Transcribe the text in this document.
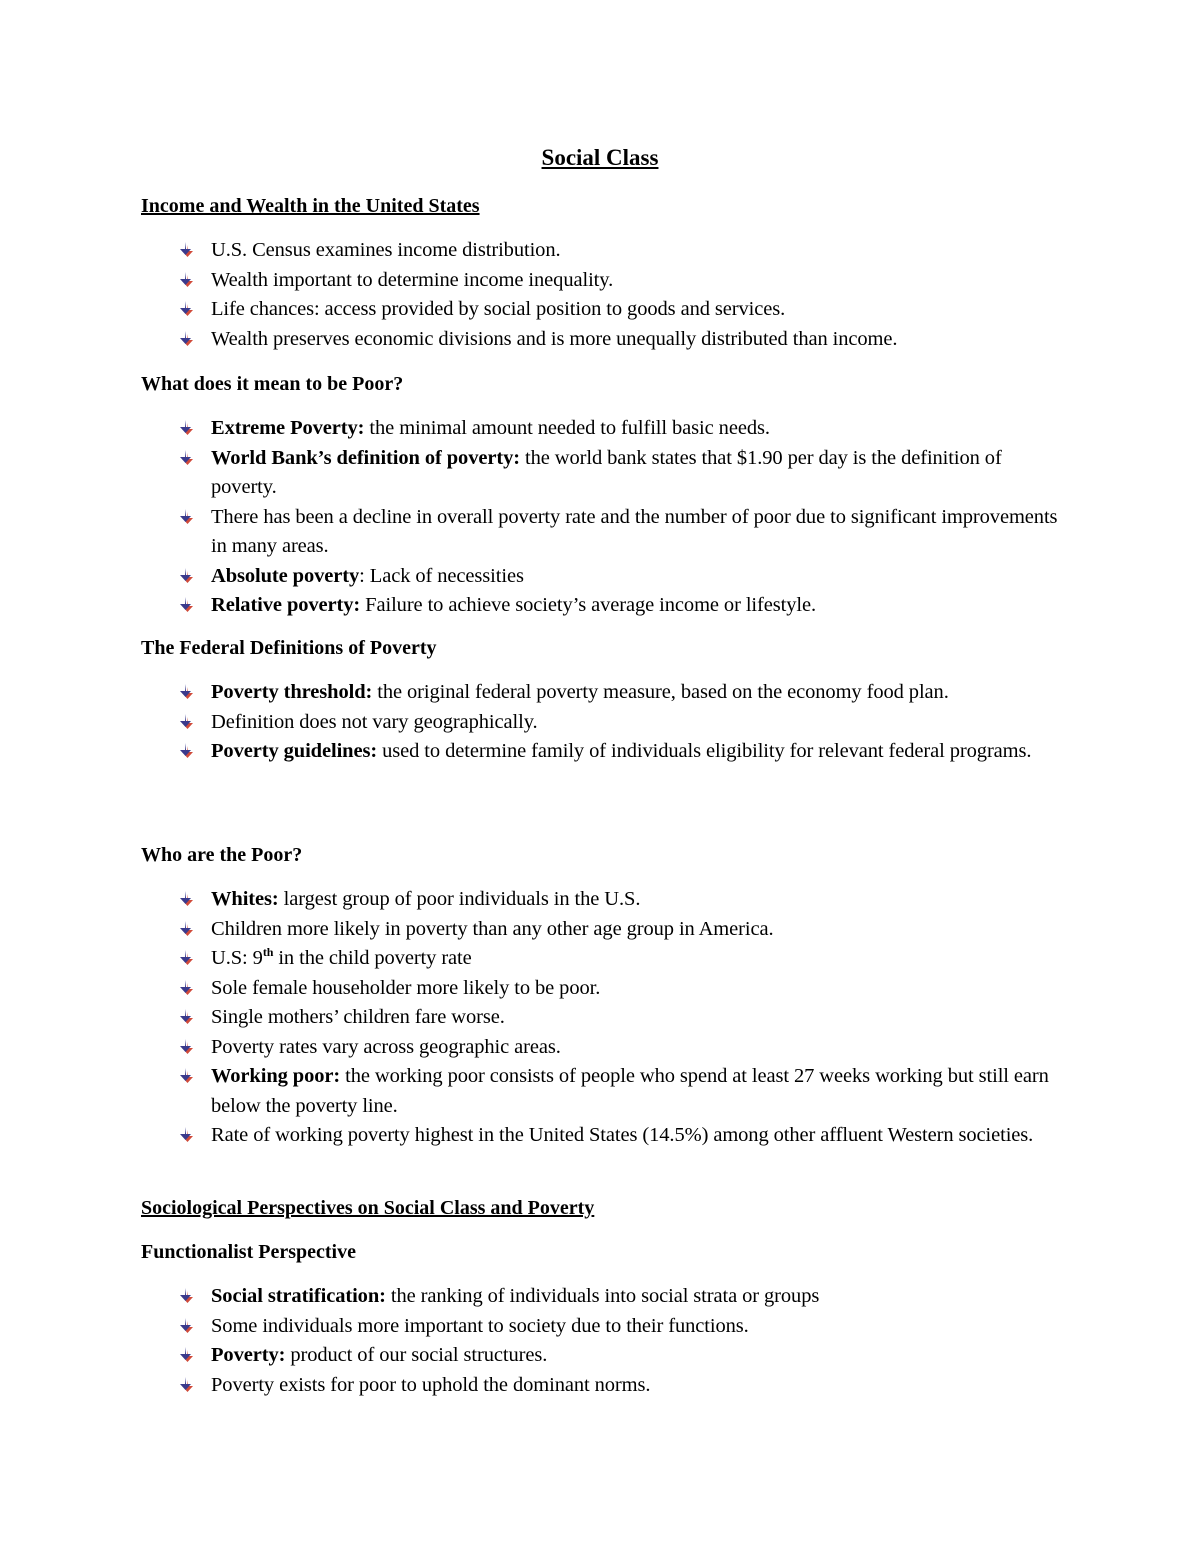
Social Class
Income and Wealth in the United States
U.S. Census examines income distribution.
Wealth important to determine income inequality.
Life chances: access provided by social position to goods and services.
Wealth preserves economic divisions and is more unequally distributed than income.
What does it mean to be Poor?
Extreme Poverty: the minimal amount needed to fulfill basic needs.
World Bank’s definition of poverty: the world bank states that $1.90 per day is the definition of poverty.
There has been a decline in overall poverty rate and the number of poor due to significant improvements in many areas.
Absolute poverty: Lack of necessities
Relative poverty: Failure to achieve society’s average income or lifestyle.
The Federal Definitions of Poverty
Poverty threshold: the original federal poverty measure, based on the economy food plan.
Definition does not vary geographically.
Poverty guidelines: used to determine family of individuals eligibility for relevant federal programs.
Who are the Poor?
Whites: largest group of poor individuals in the U.S.
Children more likely in poverty than any other age group in America.
U.S: 9th in the child poverty rate
Sole female householder more likely to be poor.
Single mothers’ children fare worse.
Poverty rates vary across geographic areas.
Working poor: the working poor consists of people who spend at least 27 weeks working but still earn below the poverty line.
Rate of working poverty highest in the United States (14.5%) among other affluent Western societies.
Sociological Perspectives on Social Class and Poverty
Functionalist Perspective
Social stratification: the ranking of individuals into social strata or groups
Some individuals more important to society due to their functions.
Poverty: product of our social structures.
Poverty exists for poor to uphold the dominant norms.
